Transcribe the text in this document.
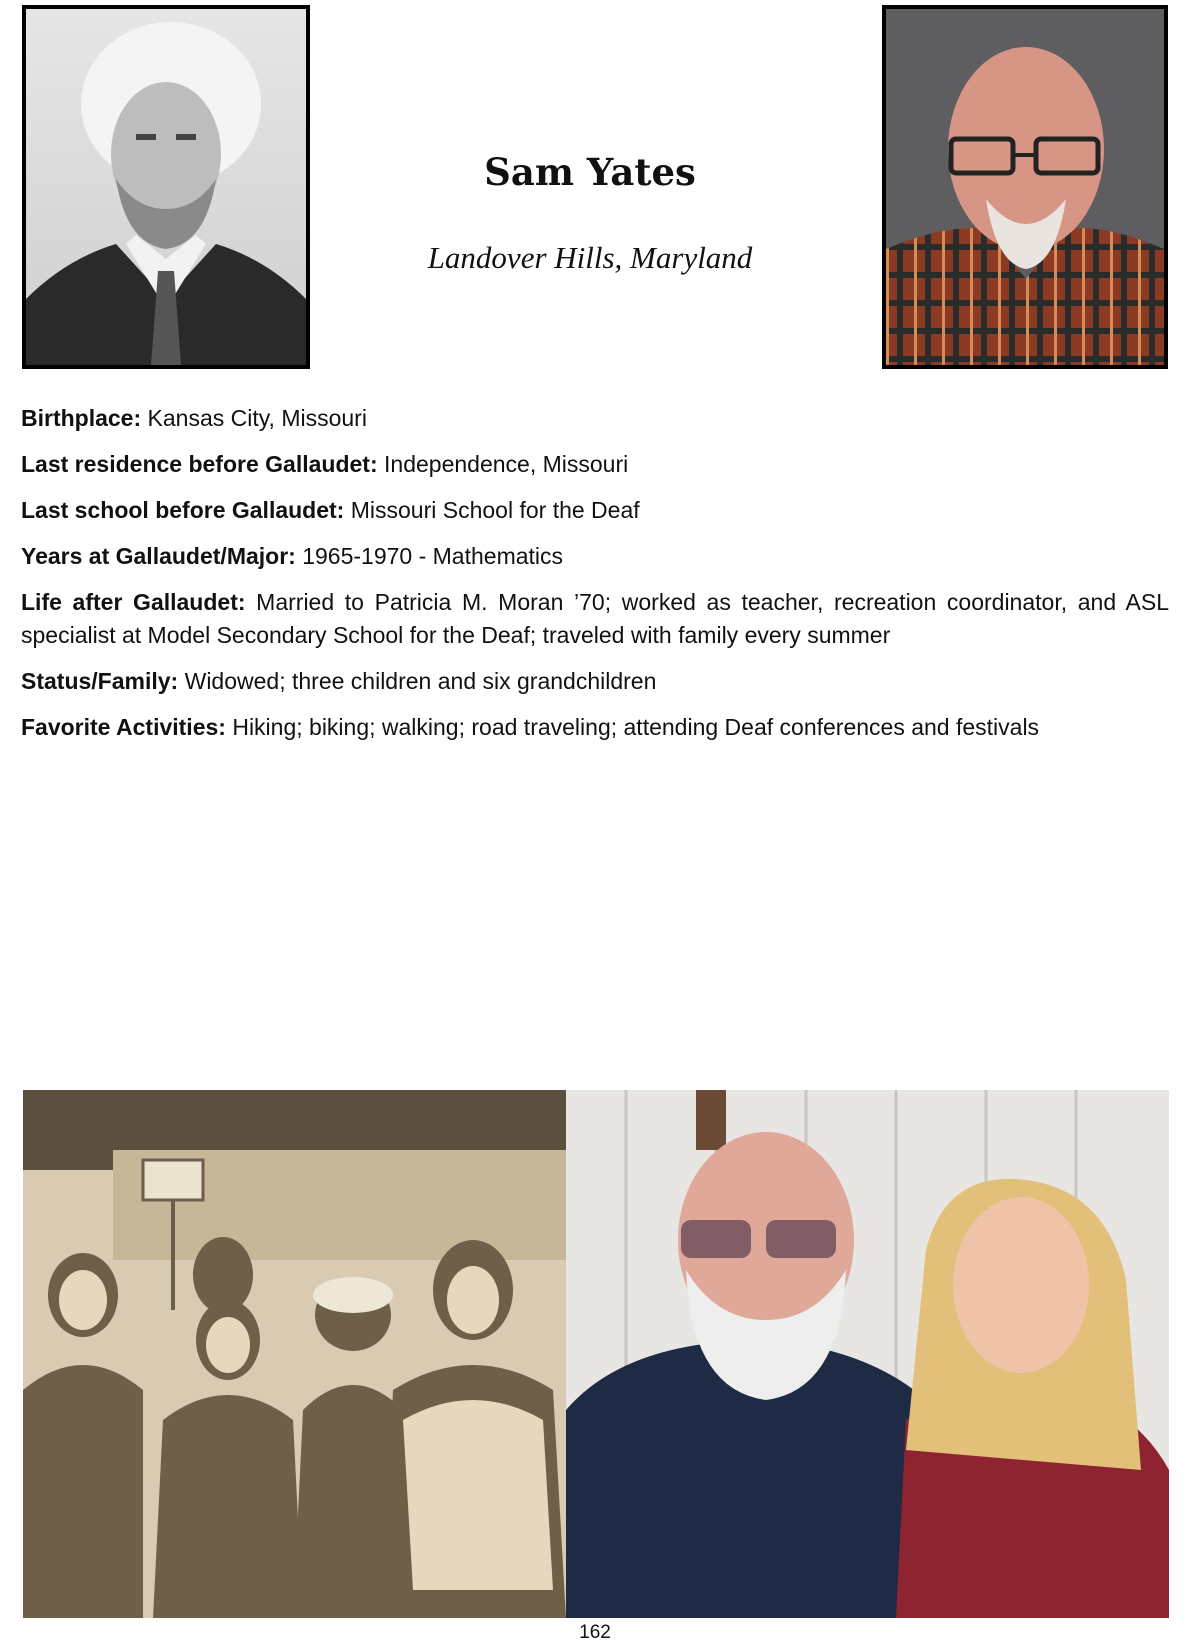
Sam Yates
Landover Hills, Maryland

Birthplace: Kansas City, Missouri

Last residence before Gallaudet: Independence, Missouri

Last school before Gallaudet: Missouri School for the Deaf

Years at Gallaudet/Major: 1965-1970 - Mathematics

Life after Gallaudet: Married to Patricia M. Moran ’70; worked as teacher, recreation coordinator, and ASL specialist at Model Secondary School for the Deaf; traveled with family every summer

Status/Family: Widowed; three children and six grandchildren

Favorite Activities: Hiking; biking; walking; road traveling; attending Deaf conferences and festivals

162
